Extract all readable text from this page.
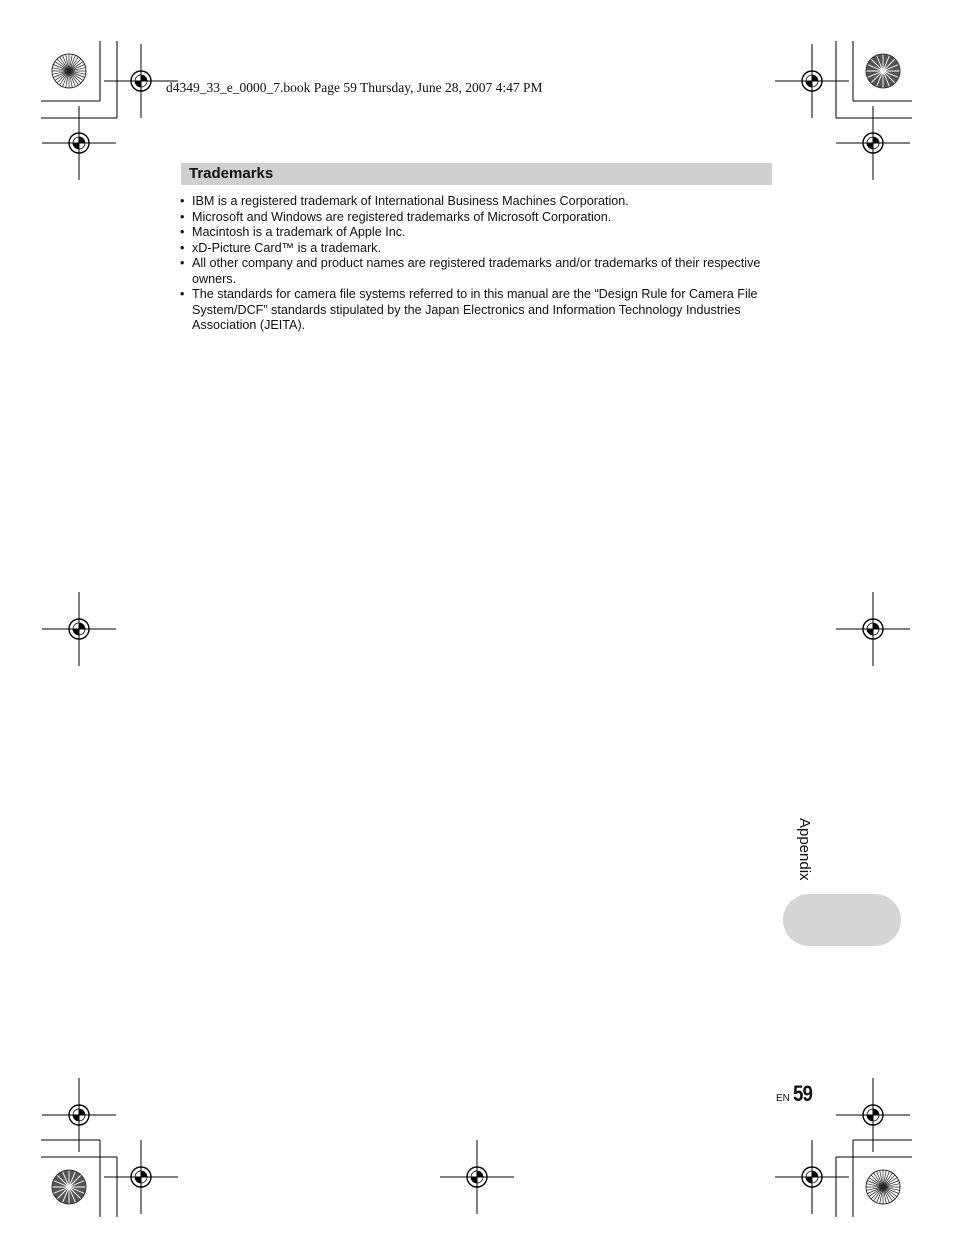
d4349_33_e_0000_7.book Page 59 Thursday, June 28, 2007 4:47 PM
Trademarks
• IBM is a registered trademark of International Business Machines Corporation.
• Microsoft and Windows are registered trademarks of Microsoft Corporation.
• Macintosh is a trademark of Apple Inc.
• xD-Picture Card™ is a trademark.
• All other company and product names are registered trademarks and/or trademarks of their respective owners.
• The standards for camera file systems referred to in this manual are the “Design Rule for Camera File System/DCF” standards stipulated by the Japan Electronics and Information Technology Industries Association (JEITA).
Appendix
EN 59
